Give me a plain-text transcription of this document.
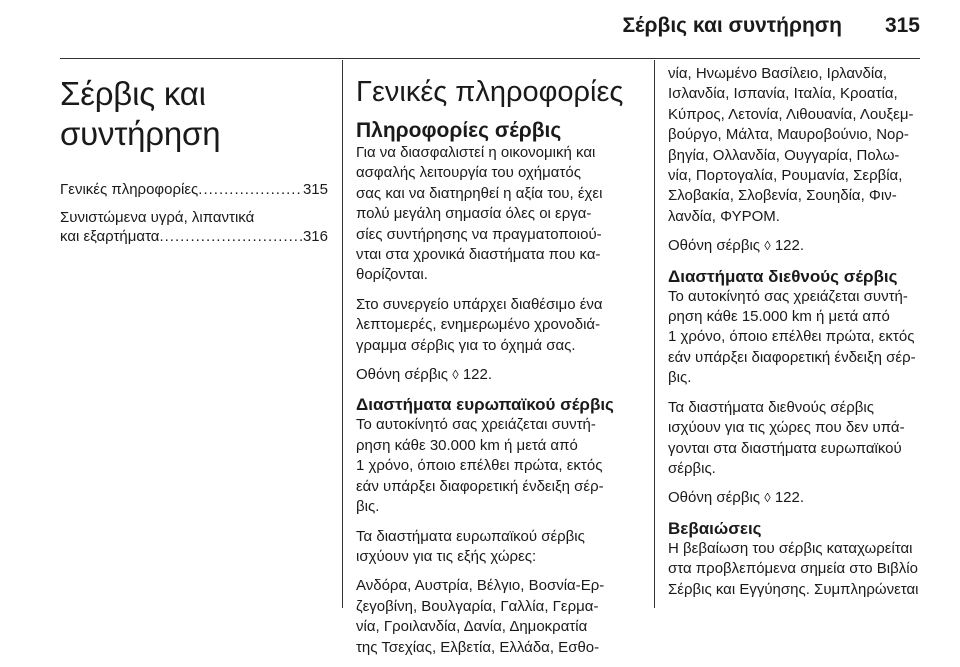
Σέρβις και συντήρηση 315
Σέρβις και συντήρηση
Γενικές πληροφορίες .....	315
Συνιστώμενα υγρά, λιπαντικά
και εξαρτήματα .....	316
Γενικές πληροφορίες
Πληροφορίες σέρβις

Για να διασφαλιστεί η οικονομική και
ασφαλής λειτουργία του οχήματός
σας και να διατηρηθεί η αξία του, έχει
πολύ μεγάλη σημασία όλες οι εργα-
σίες συντήρησης να πραγματοποιού-
νται στα χρονικά διαστήματα που κα-
θορίζονται.

Στο συνεργείο υπάρχει διαθέσιμο ένα
λεπτομερές, ενημερωμένο χρονοδιά-
γραμμα σέρβις για το όχημά σας.

Οθόνη σέρβις ◊ 122.

Διαστήματα ευρωπαϊκού σέρβις

Το αυτοκίνητό σας χρειάζεται συντή-
ρηση κάθε 30.000 km ή μετά από
1 χρόνο, όποιο επέλθει πρώτα, εκτός
εάν υπάρξει διαφορετική ένδειξη σέρ-
βις.

Τα διαστήματα ευρωπαϊκού σέρβις
ισχύουν για τις εξής χώρες:

Ανδόρα, Αυστρία, Βέλγιο, Βοσνία-Ερ-
ζεγοβίνη, Βουλγαρία, Γαλλία, Γερμα-
νία, Γροιλανδία, Δανία, Δημοκρατία
της Τσεχίας, Ελβετία, Ελλάδα, Εσθο-

νία, Ηνωμένο Βασίλειο, Ιρλανδία,
Ισλανδία, Ισπανία, Ιταλία, Κροατία,
Κύπρος, Λετονία, Λιθουανία, Λουξεμ-
βούργο, Μάλτα, Μαυροβούνιο, Νορ-
βηγία, Ολλανδία, Ουγγαρία, Πολω-
νία, Πορτογαλία, Ρουμανία, Σερβία,
Σλοβακία, Σλοβενία, Σουηδία, Φιν-
λανδία, ΦΥΡΟΜ.

Οθόνη σέρβις ◊ 122.

Διαστήματα διεθνούς σέρβις

Το αυτοκίνητό σας χρειάζεται συντή-
ρηση κάθε 15.000 km ή μετά από
1 χρόνο, όποιο επέλθει πρώτα, εκτός
εάν υπάρξει διαφορετική ένδειξη σέρ-
βις.

Τα διαστήματα διεθνούς σέρβις
ισχύουν για τις χώρες που δεν υπά-
γονται στα διαστήματα ευρωπαϊκού
σέρβις.

Οθόνη σέρβις ◊ 122.

Βεβαιώσεις

Η βεβαίωση του σέρβις καταχωρείται
στα προβλεπόμενα σημεία στο Βιβλίο
Σέρβις και Εγγύησης. Συμπληρώνεται
